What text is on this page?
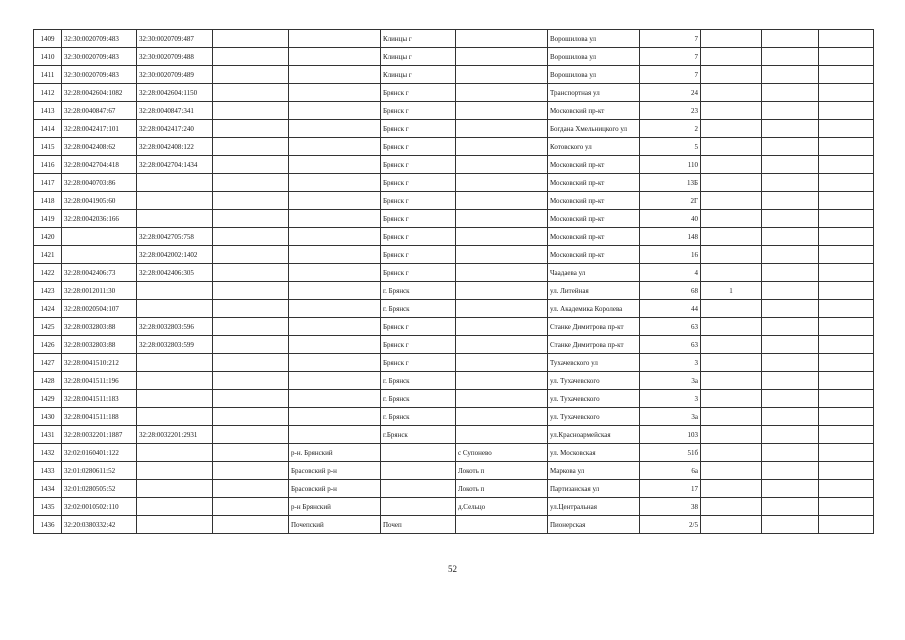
1409	32:30:0020709:483	32:30:0020709:487			Клинцы г		Ворошилова ул	7			
1410	32:30:0020709:483	32:30:0020709:488			Клинцы г		Ворошилова ул	7			
1411	32:30:0020709:483	32:30:0020709:489			Клинцы г		Ворошилова ул	7			
1412	32:28:0042604:1082	32:28:0042604:1150			Брянск г		Транспортная ул	24			
1413	32:28:0040847:67	32:28:0040847:341			Брянск г		Московский пр-кт	23			
1414	32:28:0042417:101	32:28:0042417:240			Брянск г		Богдана Хмельницкого ул	2			
1415	32:28:0042408:62	32:28:0042408:122			Брянск г		Котовского ул	5			
1416	32:28:0042704:418	32:28:0042704:1434			Брянск г		Московский пр-кт	110			
1417	32:28:0040703:86				Брянск г		Московский пр-кт	13Б			
1418	32:28:0041905:60				Брянск г		Московский пр-кт	2Г			
1419	32:28:0042036:166				Брянск г		Московский пр-кт	40			
1420		32:28:0042705:758			Брянск г		Московский пр-кт	148			
1421		32:28:0042002:1402			Брянск г		Московский пр-кт	16			
1422	32:28:0042406:73	32:28:0042406:305			Брянск г		Чаадаева ул	4			
1423	32:28:0012011:30				г. Брянск		ул. Литейная	68	1		
1424	32:28:0020504:107				г. Брянск		ул. Академика Королева	44			
1425	32:28:0032803:88	32:28:0032803:596			Брянск г		Станке Димитрова пр-кт	63			
1426	32:28:0032803:88	32:28:0032803:599			Брянск г		Станке Димитрова пр-кт	63			
1427	32:28:0041510:212				Брянск г		Тухачевского ул	3			
1428	32:28:0041511:196				г. Брянск		ул. Тухачевского	3а			
1429	32:28:0041511:183				г. Брянск		ул. Тухачевского	3			
1430	32:28:0041511:188				г. Брянск		ул. Тухачевского	3а			
1431	32:28:0032201:1887	32:28:0032201:2931			г.Брянск		ул.Красноармейская	103			
1432	32:02:0160401:122			р-н. Брянский		с Супонево	ул. Московская	51б			
1433	32:01:0280611:52			Брасовский р-н		Локоть п	Маркова ул	6а			
1434	32:01:0280505:52			Брасовский р-н		Локоть п	Партизанская ул	17			
1435	32:02:0010502:110			р-н Брянский		д.Сельцо	ул.Центральная	38			
1436	32:20:0380332:42			Почепский	Почеп		Пионерская	2/5			
52
